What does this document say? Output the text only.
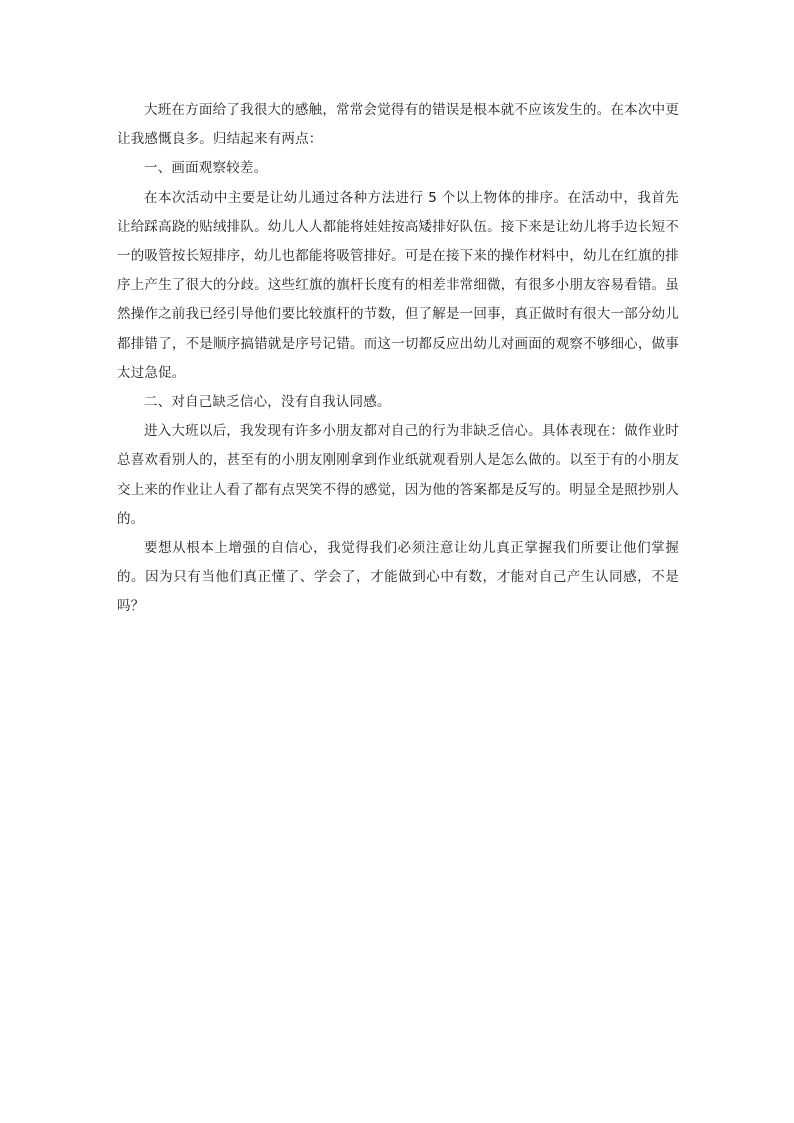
大班在方面给了我很大的感触，常常会觉得有的错误是根本就不应该发生的。在本次中更让我感慨良多。归结起来有两点：

一、画面观察较差。

在本次活动中主要是让幼儿通过各种方法进行 5 个以上物体的排序。在活动中，我首先让给踩高跷的贴绒排队。幼儿人人都能将娃娃按高矮排好队伍。接下来是让幼儿将手边长短不一的吸管按长短排序，幼儿也都能将吸管排好。可是在接下来的操作材料中，幼儿在红旗的排序上产生了很大的分歧。这些红旗的旗杆长度有的相差非常细微，有很多小朋友容易看错。虽然操作之前我已经引导他们要比较旗杆的节数，但了解是一回事，真正做时有很大一部分幼儿都排错了，不是顺序搞错就是序号记错。而这一切都反应出幼儿对画面的观察不够细心，做事太过急促。

二、对自己缺乏信心，没有自我认同感。

进入大班以后，我发现有许多小朋友都对自己的行为非缺乏信心。具体表现在：做作业时总喜欢看别人的，甚至有的小朋友刚刚拿到作业纸就观看别人是怎么做的。以至于有的小朋友交上来的作业让人看了都有点哭笑不得的感觉，因为他的答案都是反写的。明显全是照抄别人的。

要想从根本上增强的自信心，我觉得我们必须注意让幼儿真正掌握我们所要让他们掌握的。因为只有当他们真正懂了、学会了，才能做到心中有数，才能对自己产生认同感，不是吗？
